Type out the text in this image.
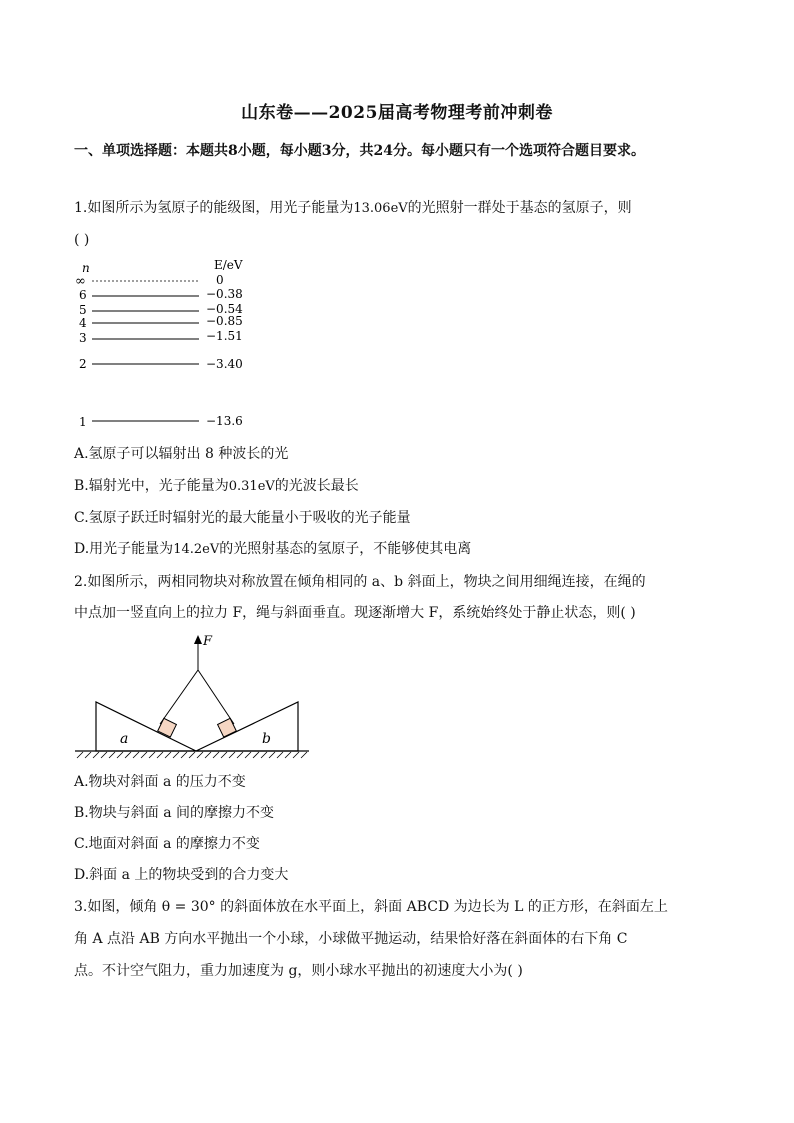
山东卷——2025届高考物理考前冲刺卷
一、单项选择题：本题共8小题，每小题3分，共24分。每小题只有一个选项符合题目要求。
1.如图所示为氢原子的能级图，用光子能量为13.06eV的光照射一群处于基态的氢原子，则
( )
n	E/eV
∞	0
6	−0.38
5	−0.54
4	−0.85
3	−1.51
2	−3.40
1	−13.6
A.氢原子可以辐射出 8 种波长的光
B.辐射光中，光子能量为0.31eV的光波长最长
C.氢原子跃迁时辐射光的最大能量小于吸收的光子能量
D.用光子能量为14.2eV的光照射基态的氢原子，不能够使其电离
2.如图所示，两相同物块对称放置在倾角相同的 a、b 斜面上，物块之间用细绳连接，在绳的
中点加一竖直向上的拉力 F，绳与斜面垂直。现逐渐增大 F，系统始终处于静止状态，则( )
F
a	b
A.物块对斜面 a 的压力不变
B.物块与斜面 a 间的摩擦力不变
C.地面对斜面 a 的摩擦力不变
D.斜面 a 上的物块受到的合力变大
3.如图，倾角 θ = 30° 的斜面体放在水平面上，斜面 ABCD 为边长为 L 的正方形，在斜面左上
角 A 点沿 AB 方向水平抛出一个小球，小球做平抛运动，结果恰好落在斜面体的右下角 C
点。不计空气阻力，重力加速度为 g，则小球水平抛出的初速度大小为( )
